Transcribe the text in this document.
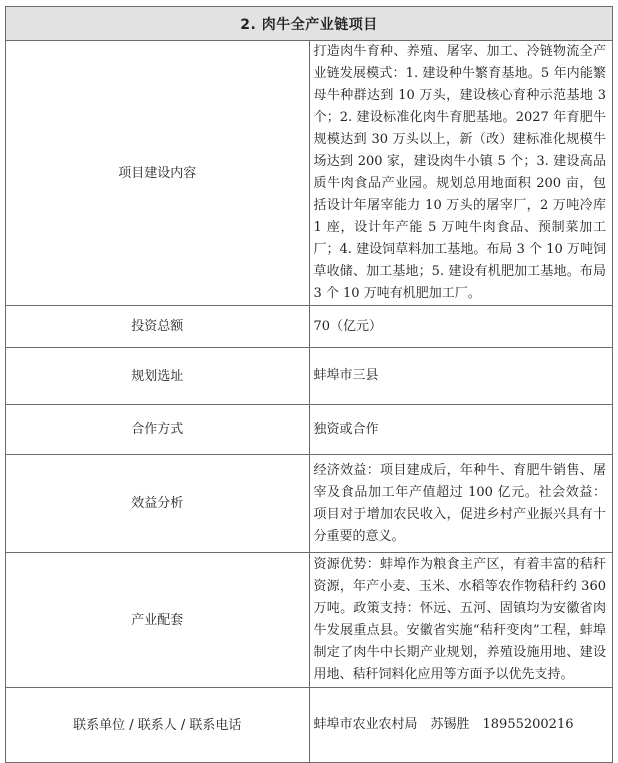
2. 肉牛全产业链项目	
项目建设内容	打造肉牛育种、养殖、屠宰、加工、冷链物流全产业链发展模式：1. 建设种牛繁育基地。5 年内能繁母牛种群达到 10 万头，建设核心育种示范基地 3 个；2. 建设标准化肉牛育肥基地。2027 年育肥牛规模达到 30 万头以上，新（改）建标准化规模牛场达到 200 家，建设肉牛小镇 5 个；3. 建设高品质牛肉食品产业园。规划总用地面积 200 亩，包括设计年屠宰能力 10 万头的屠宰厂，2 万吨冷库 1 座，设计年产能 5 万吨牛肉食品、预制菜加工厂；4. 建设饲草料加工基地。布局 3 个 10 万吨饲草收储、加工基地；5. 建设有机肥加工基地。布局 3 个 10 万吨有机肥加工厂。
投资总额	70（亿元）
规划选址	蚌埠市三县
合作方式	独资或合作
效益分析	经济效益：项目建成后，年种牛、育肥牛销售、屠宰及食品加工年产值超过 100 亿元。社会效益：项目对于增加农民收入，促进乡村产业振兴具有十分重要的意义。
产业配套	资源优势：蚌埠作为粮食主产区，有着丰富的秸秆资源，年产小麦、玉米、水稻等农作物秸秆约 360 万吨。政策支持：怀远、五河、固镇均为安徽省肉牛发展重点县。安徽省实施“秸秆变肉”工程，蚌埠制定了肉牛中长期产业规划，养殖设施用地、建设用地、秸秆饲料化应用等方面予以优先支持。
联系单位 / 联系人 / 联系电话	蚌埠市农业农村局　苏锡胜　18955200216
